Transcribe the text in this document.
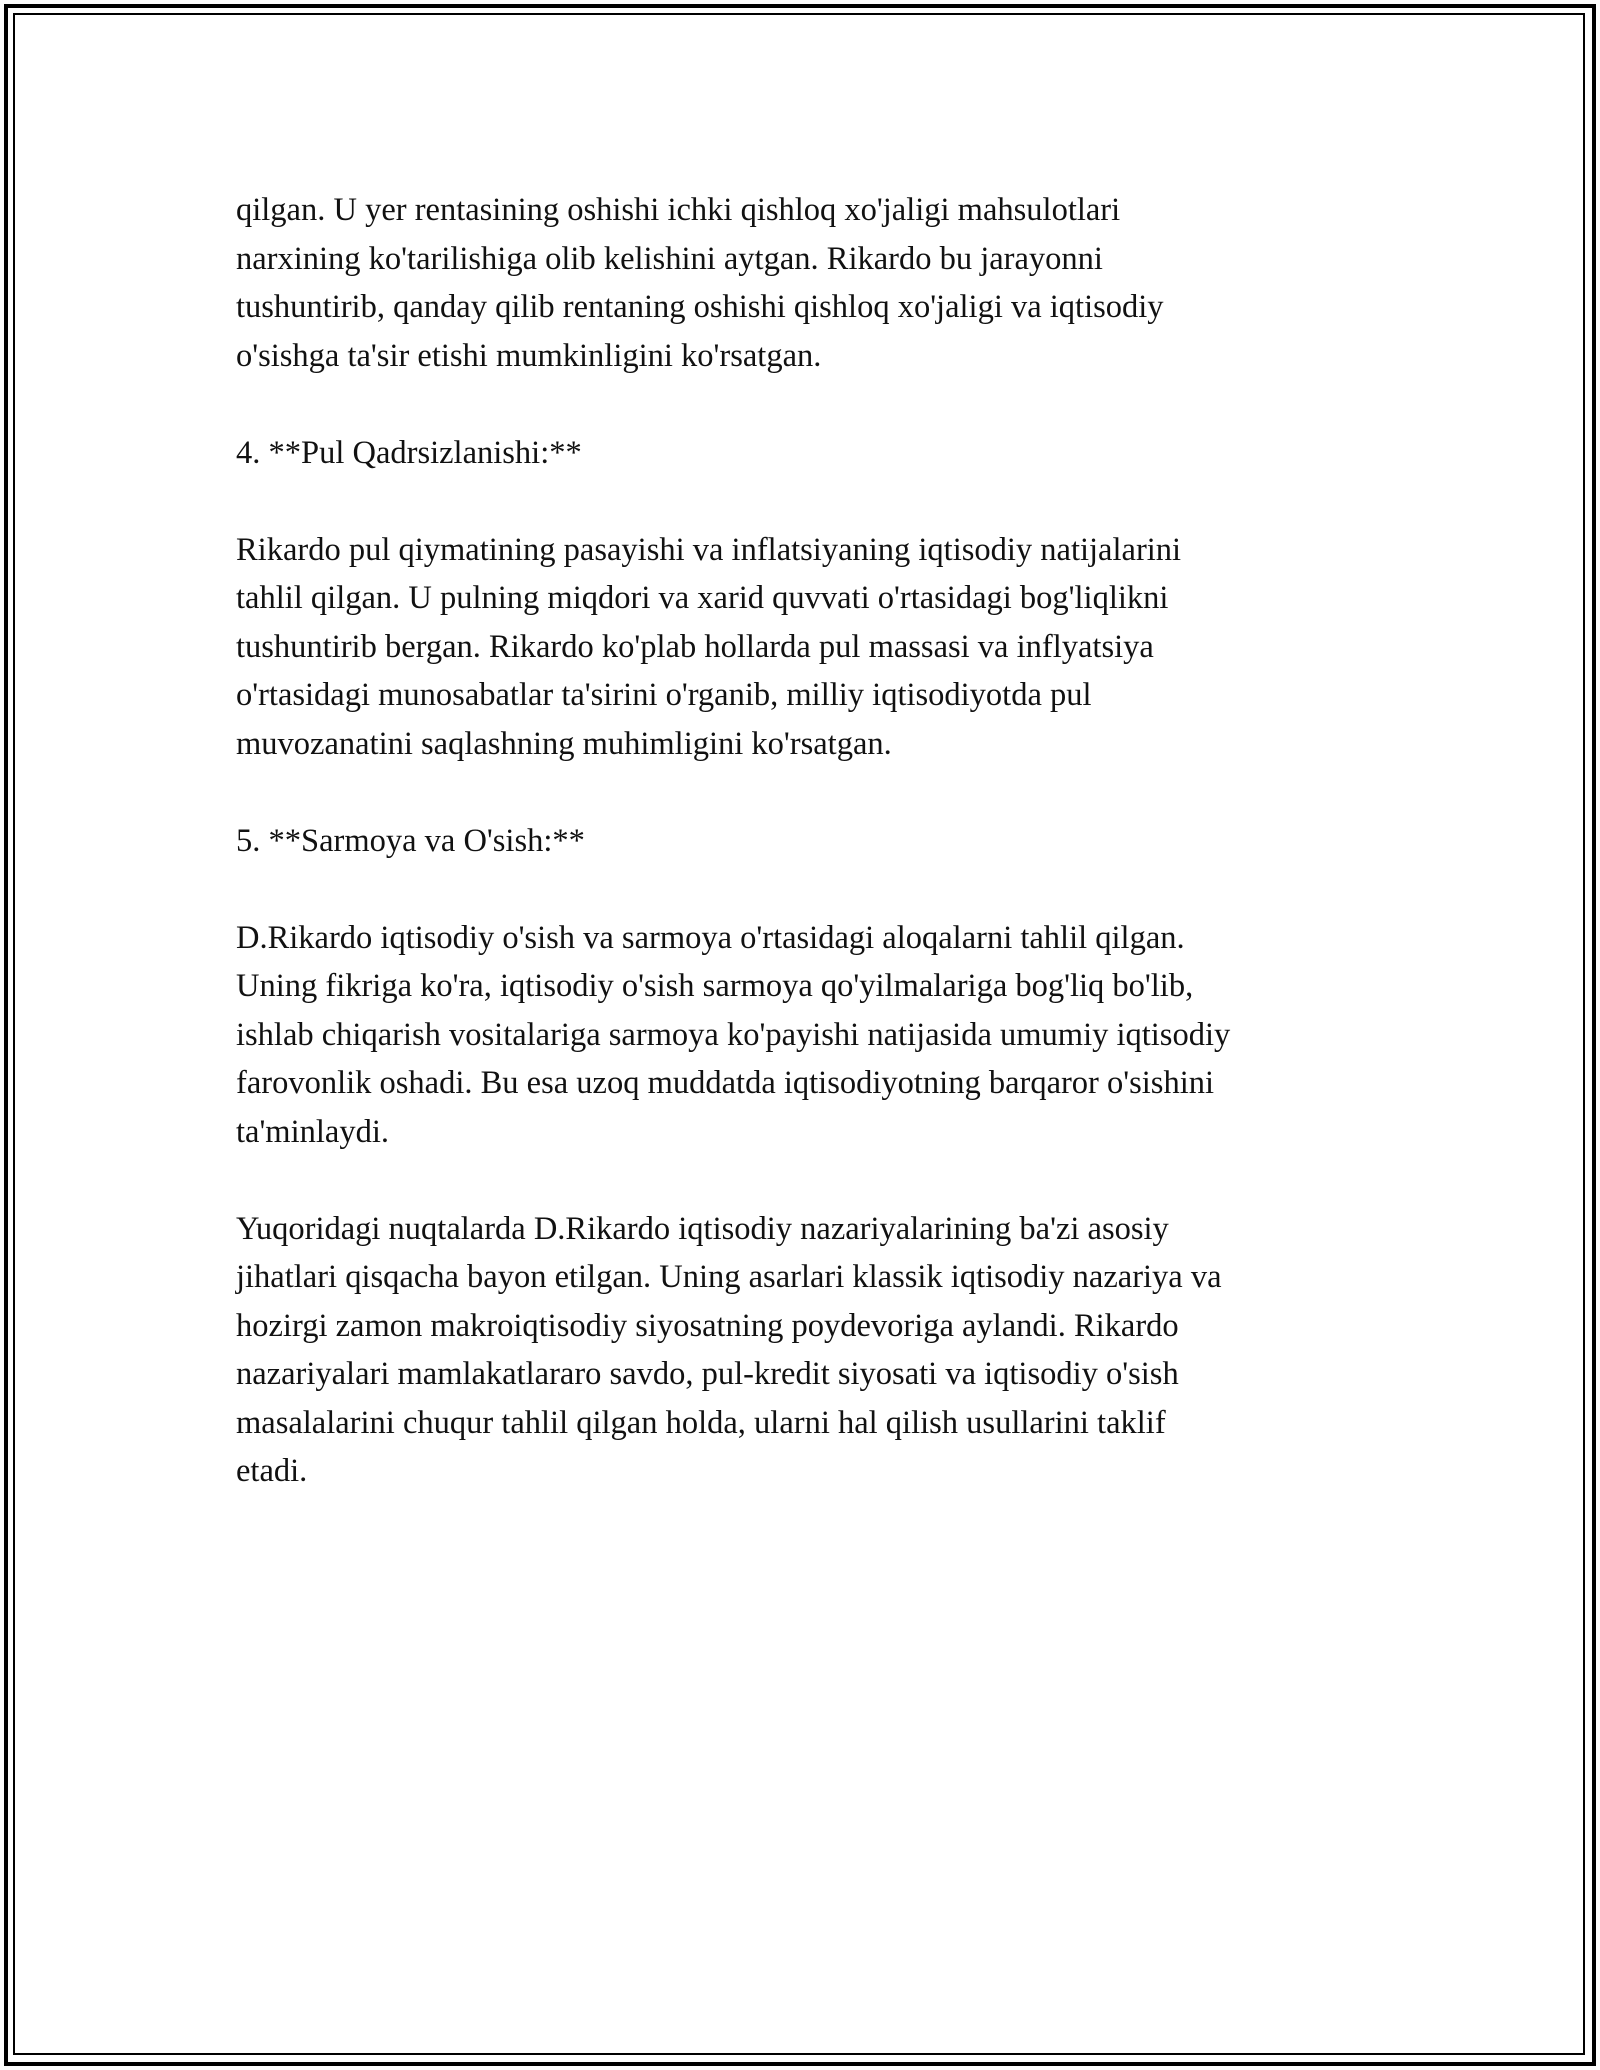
qilgan. U yer rentasining oshishi ichki qishloq xo'jaligi mahsulotlari
narxining ko'tarilishiga olib kelishini aytgan. Rikardo bu jarayonni
tushuntirib, qanday qilib rentaning oshishi qishloq xo'jaligi va iqtisodiy
o'sishga ta'sir etishi mumkinligini ko'rsatgan.

4. **Pul Qadrsizlanishi:**

Rikardo pul qiymatining pasayishi va inflatsiyaning iqtisodiy natijalarini
tahlil qilgan. U pulning miqdori va xarid quvvati o'rtasidagi bog'liqlikni
tushuntirib bergan. Rikardo ko'plab hollarda pul massasi va inflyatsiya
o'rtasidagi munosabatlar ta'sirini o'rganib, milliy iqtisodiyotda pul
muvozanatini saqlashning muhimligini ko'rsatgan.

5. **Sarmoya va O'sish:**

D.Rikardo iqtisodiy o'sish va sarmoya o'rtasidagi aloqalarni tahlil qilgan.
Uning fikriga ko'ra, iqtisodiy o'sish sarmoya qo'yilmalariga bog'liq bo'lib,
ishlab chiqarish vositalariga sarmoya ko'payishi natijasida umumiy iqtisodiy
farovonlik oshadi. Bu esa uzoq muddatda iqtisodiyotning barqaror o'sishini
ta'minlaydi.

Yuqoridagi nuqtalarda D.Rikardo iqtisodiy nazariyalarining ba'zi asosiy
jihatlari qisqacha bayon etilgan. Uning asarlari klassik iqtisodiy nazariya va
hozirgi zamon makroiqtisodiy siyosatning poydevoriga aylandi. Rikardo
nazariyalari mamlakatlararo savdo, pul-kredit siyosati va iqtisodiy o'sish
masalalarini chuqur tahlil qilgan holda, ularni hal qilish usullarini taklif
etadi.
